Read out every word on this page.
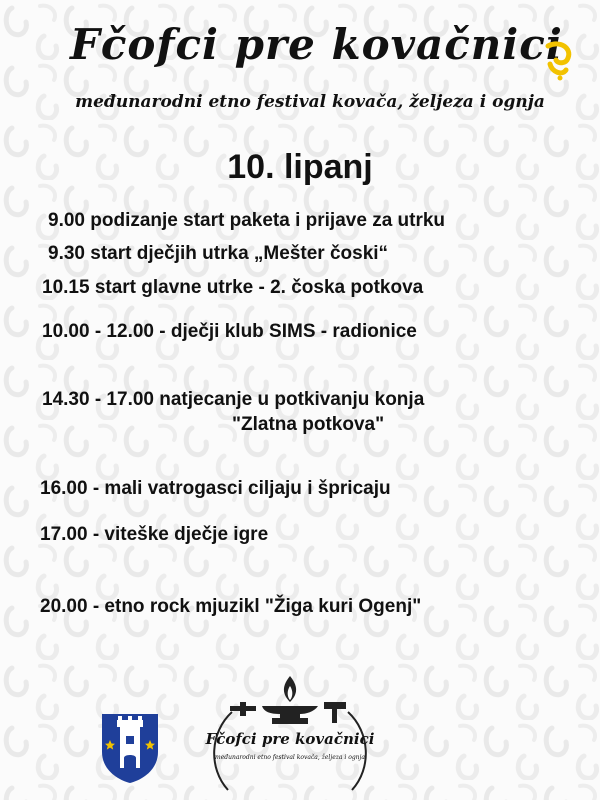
Fčofci pre kovačnici
međunarodni etno festival kovača, željeza i ognja
10. lipanj
9.00 podizanje start paketa i prijave za utrku
9.30 start dječjih utrka „Mešter čoski“
10.15 start glavne utrke - 2. čoska potkova
10.00 - 12.00 - dječji klub SIMS - radionice
14.30 - 17.00 natjecanje u potkivanju konja
"Zlatna potkova"
16.00 - mali vatrogasci ciljaju i špricaju
17.00 - viteške dječje igre
20.00 - etno rock mjuzikl "Žiga kuri Ogenj"
Fčofci pre kovačnici
međunarodni etno festival kovača, željeza i ognja
